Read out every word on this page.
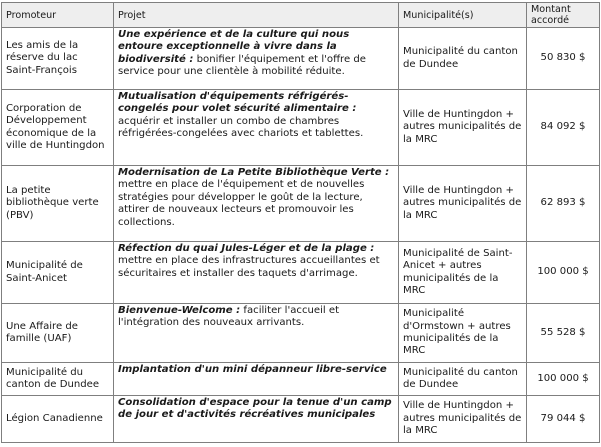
Promoteur	Projet	Municipalité(s)	Montant
accordé
Les amis de la réserve du lac Saint-François	Une expérience et de la culture qui nous entoure exceptionnelle à vivre dans la biodiversité : bonifier l'équipement et l'offre de service pour une clientèle à mobilité réduite.	Municipalité du canton de Dundee	50 830 $
Corporation de Développement économique de la ville de Huntingdon	Mutualisation d'équipements réfrigérés-congelés pour volet sécurité alimentaire : acquérir et installer un combo de chambres réfrigérées-congelées avec chariots et tablettes.	Ville de Huntingdon + autres municipalités de la MRC	84 092 $
La petite bibliothèque verte (PBV)	Modernisation de La Petite Bibliothèque Verte : mettre en place de l'équipement et de nouvelles stratégies pour développer le goût de la lecture, attirer de nouveaux lecteurs et promouvoir les collections.	Ville de Huntingdon + autres municipalités de la MRC	62 893 $
Municipalité de Saint-Anicet	Réfection du quai Jules-Léger et de la plage : mettre en place des infrastructures accueillantes et sécuritaires et installer des taquets d'arrimage.	Municipalité de Saint-Anicet + autres municipalités de la MRC	100 000 $
Une Affaire de famille (UAF)	Bienvenue-Welcome : faciliter l'accueil et l'intégration des nouveaux arrivants.	Municipalité d'Ormstown + autres municipalités de la MRC	55 528 $
Municipalité du canton de Dundee	Implantation d'un mini dépanneur libre-service	Municipalité du canton de Dundee	100 000 $
Légion Canadienne	Consolidation d'espace pour la tenue d'un camp de jour et d'activités récréatives municipales	Ville de Huntingdon + autres municipalités de la MRC	79 044 $
